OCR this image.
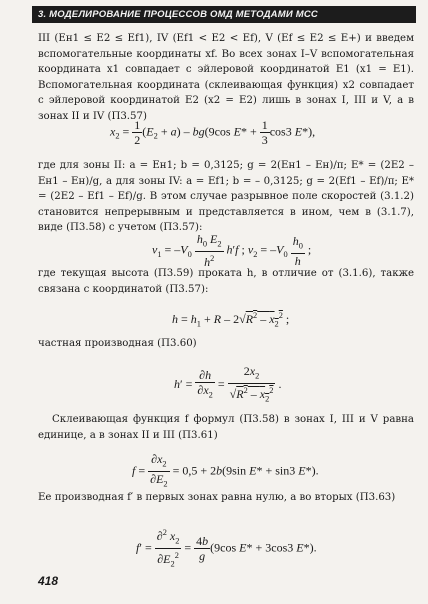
3. МОДЕЛИРОВАНИЕ ПРОЦЕССОВ ОМД МЕТОДАМИ МСС

III (Eн1 ≤ E2 ≤ Ef1), IV (Ef1 < E2 < Ef), V (Ef ≤ E2 ≤ E+) и введем вспомогательные координаты xf. Во всех зонах I–V вспомогательная координата x1 совпадает с эйлеровой координатой E1 (x1 = E1). Вспомогательная координата (склеивающая функция) x2 совпадает с эйлеровой координатой E2 (x2 = E2) лишь в зонах I, III и V, а в зонах II и IV (П3.57)

$x_2 = \frac{1}{2} (E_2 + a) - bg(9\cos$ $E* + \frac{1}{3} \cos 3$ E*),

где для зоны II: a = Eн1; b = 0,3125; g = 2(Eн1 – Eн)/π; E* = (2E2 – Eн1 – Eн)/g, а для зоны IV: a = Ef1; b = – 0,3125; g = 2(Ef1 – Ef)/π; E* = (2E2 – Ef1 – Ef)/g. В этом случае разрывное поле скоростей (3.1.2) становится непрерывным и представляется в ином, чем в (3.1.7), виде (П3.58) с учетом (П3.57):

$v_1 = -V_0 \frac{h_0 E_2}{h^2} h'f$ ; $v_2 = -V_0 \frac{h_0}{h}$ ;

где текущая высота (П3.59) проката h, в отличие от (3.1.6), также связана с координатой (П3.57):

$h = h_1 + R - 2√R^2 - x_2^2$ ;

частная производная (П3.60)

$h' = \frac{\partial h}{\partial x_2} = \frac{2x_2}{√R^2 - x_2^2}$ .

Склеивающая функция f формул (П3.58) в зонах I, III и V равна единице, а в зонах II и III (П3.61)

$f = \frac{\partial x_2}{\partial E_2} = 0,5 + 2b(9\sin$ E* + sin3 E*).

Ее производная f′ в первых зонах равна нулю, а во вторых (П3.63)

$f' = \frac{\partial^2 x_2}{\partial E_2^2} = \frac{4b}{g} (9\cos$ E* + 3cos3 E*).
418
